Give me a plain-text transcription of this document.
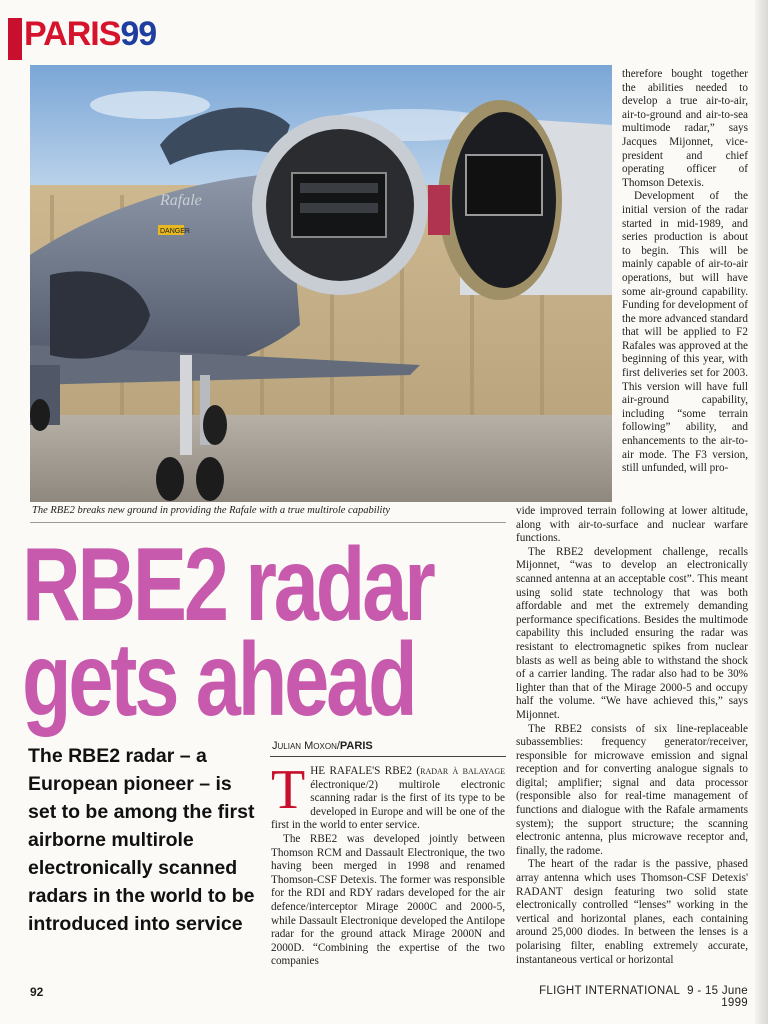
PARIS99
Rafale
DANGER
The RBE2 breaks new ground in providing the Rafale with a true multirole capability
RBE2 radar
gets ahead
The RBE2 radar – a European pioneer – is set to be among the first airborne multirole electronically scanned radars in the world to be introduced into service
Julian Moxon/PARIS
T HE RAFALE'S RBE2 (radar à balayage électronique/2) multirole electronic scanning radar is the first of its type to be developed in Europe and will be one of the first in the world to enter service.

The RBE2 was developed jointly between Thomson RCM and Dassault Electronique, the two having been merged in 1998 and renamed Thomson-CSF Detexis. The former was responsible for the RDI and RDY radars developed for the air defence/interceptor Mirage 2000C and 2000-5, while Dassault Electronique developed the Antilope radar for the ground attack Mirage 2000N and 2000D. “Combining the expertise of the two companies

therefore bought together the abilities needed to develop a true air-to-air, air-to-ground and air-to-sea multimode radar,” says Jacques Mijonnet, vice-president and chief operating officer of Thomson Detexis.

Development of the initial version of the radar started in mid-1989, and series production is about to begin. This will be mainly capable of air-to-air operations, but will have some air-ground capability. Funding for development of the more advanced standard that will be applied to F2 Rafales was approved at the beginning of this year, with first deliveries set for 2003. This version will have full air-ground capability, including “some terrain following” ability, and enhancements to the air-to-air mode. The F3 version, still unfunded, will pro-

vide improved terrain following at lower altitude, along with air-to-surface and nuclear warfare functions.

The RBE2 development challenge, recalls Mijonnet, “was to develop an electronically scanned antenna at an acceptable cost”. This meant using solid state technology that was both affordable and met the extremely demanding performance specifications. Besides the multimode capability this included ensuring the radar was resistant to electromagnetic spikes from nuclear blasts as well as being able to withstand the shock of a carrier landing. The radar also had to be 30% lighter than that of the Mirage 2000-5 and occupy half the volume. “We have achieved this,” says Mijonnet.

The RBE2 consists of six line-replaceable subassemblies: frequency generator/receiver, responsible for microwave emission and signal reception and for converting analogue signals to digital; amplifier; signal and data processor (responsible also for real-time management of functions and dialogue with the Rafale armaments system); the support structure; the scanning electronic antenna, plus microwave receptor and, finally, the radome.

The heart of the radar is the passive, phased array antenna which uses Thomson-CSF Detexis' RADANT design featuring two solid state electronically controlled “lenses” working in the vertical and horizontal planes, each containing around 25,000 diodes. In between the lenses is a polarising filter, enabling extremely accurate, instantaneous vertical or horizontal

92	FLIGHT INTERNATIONAL 9 - 15 June 1999
